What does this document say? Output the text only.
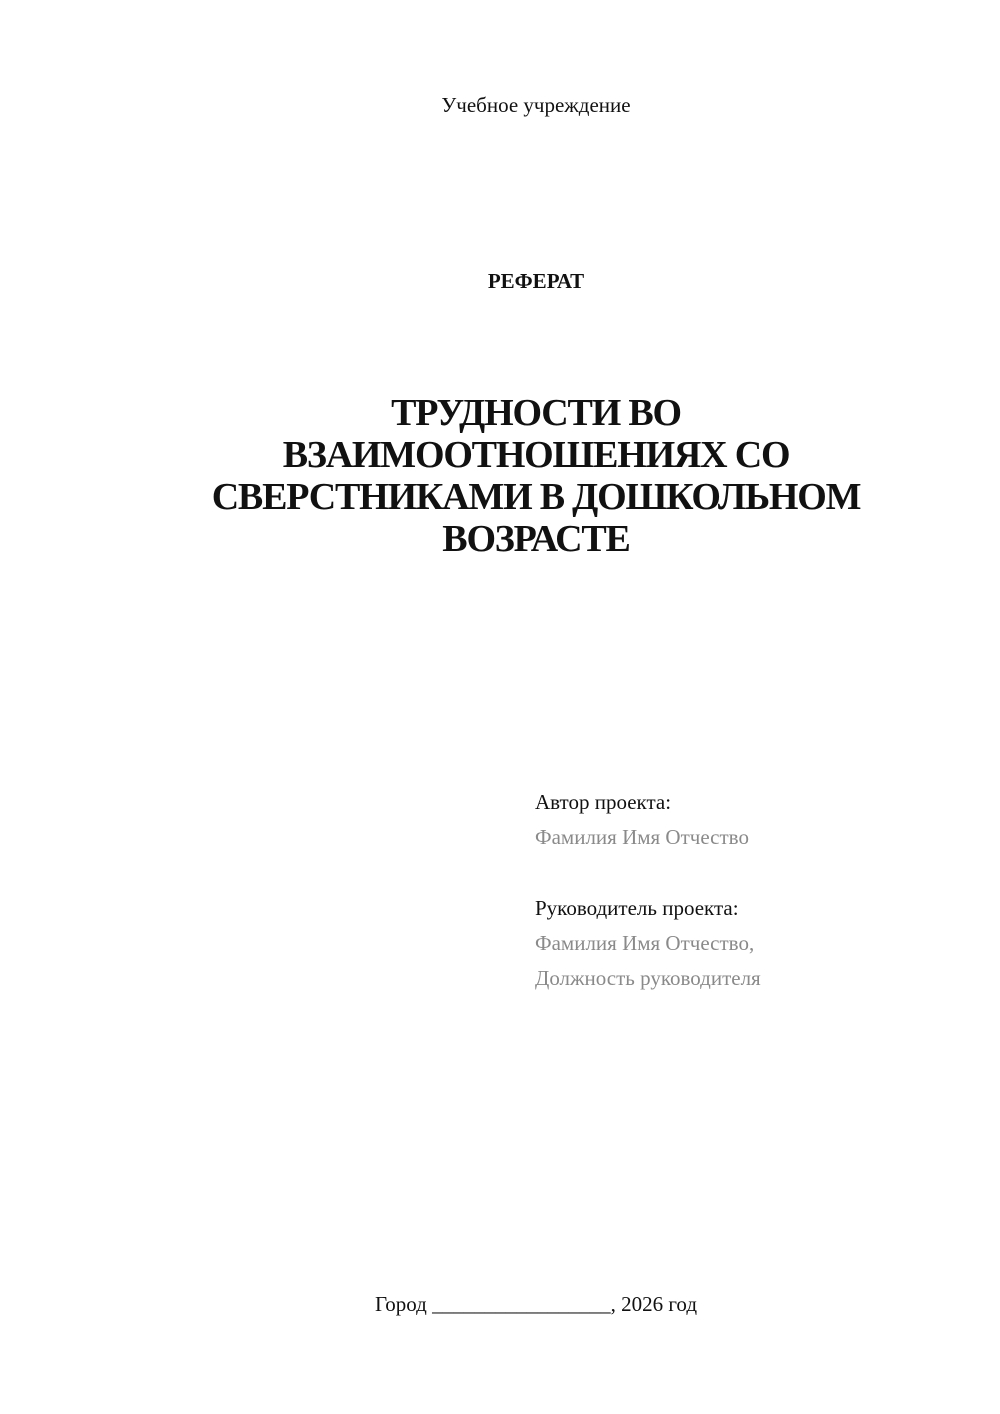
Учебное учреждение
РЕФЕРАТ
ТРУДНОСТИ ВО
ВЗАИМООТНОШЕНИЯХ СО
СВЕРСТНИКАМИ В ДОШКОЛЬНОМ
ВОЗРАСТЕ
Автор проекта:
Фамилия Имя Отчество
Руководитель проекта:
Фамилия Имя Отчество,
Должность руководителя
Город _________________, 2026 год
